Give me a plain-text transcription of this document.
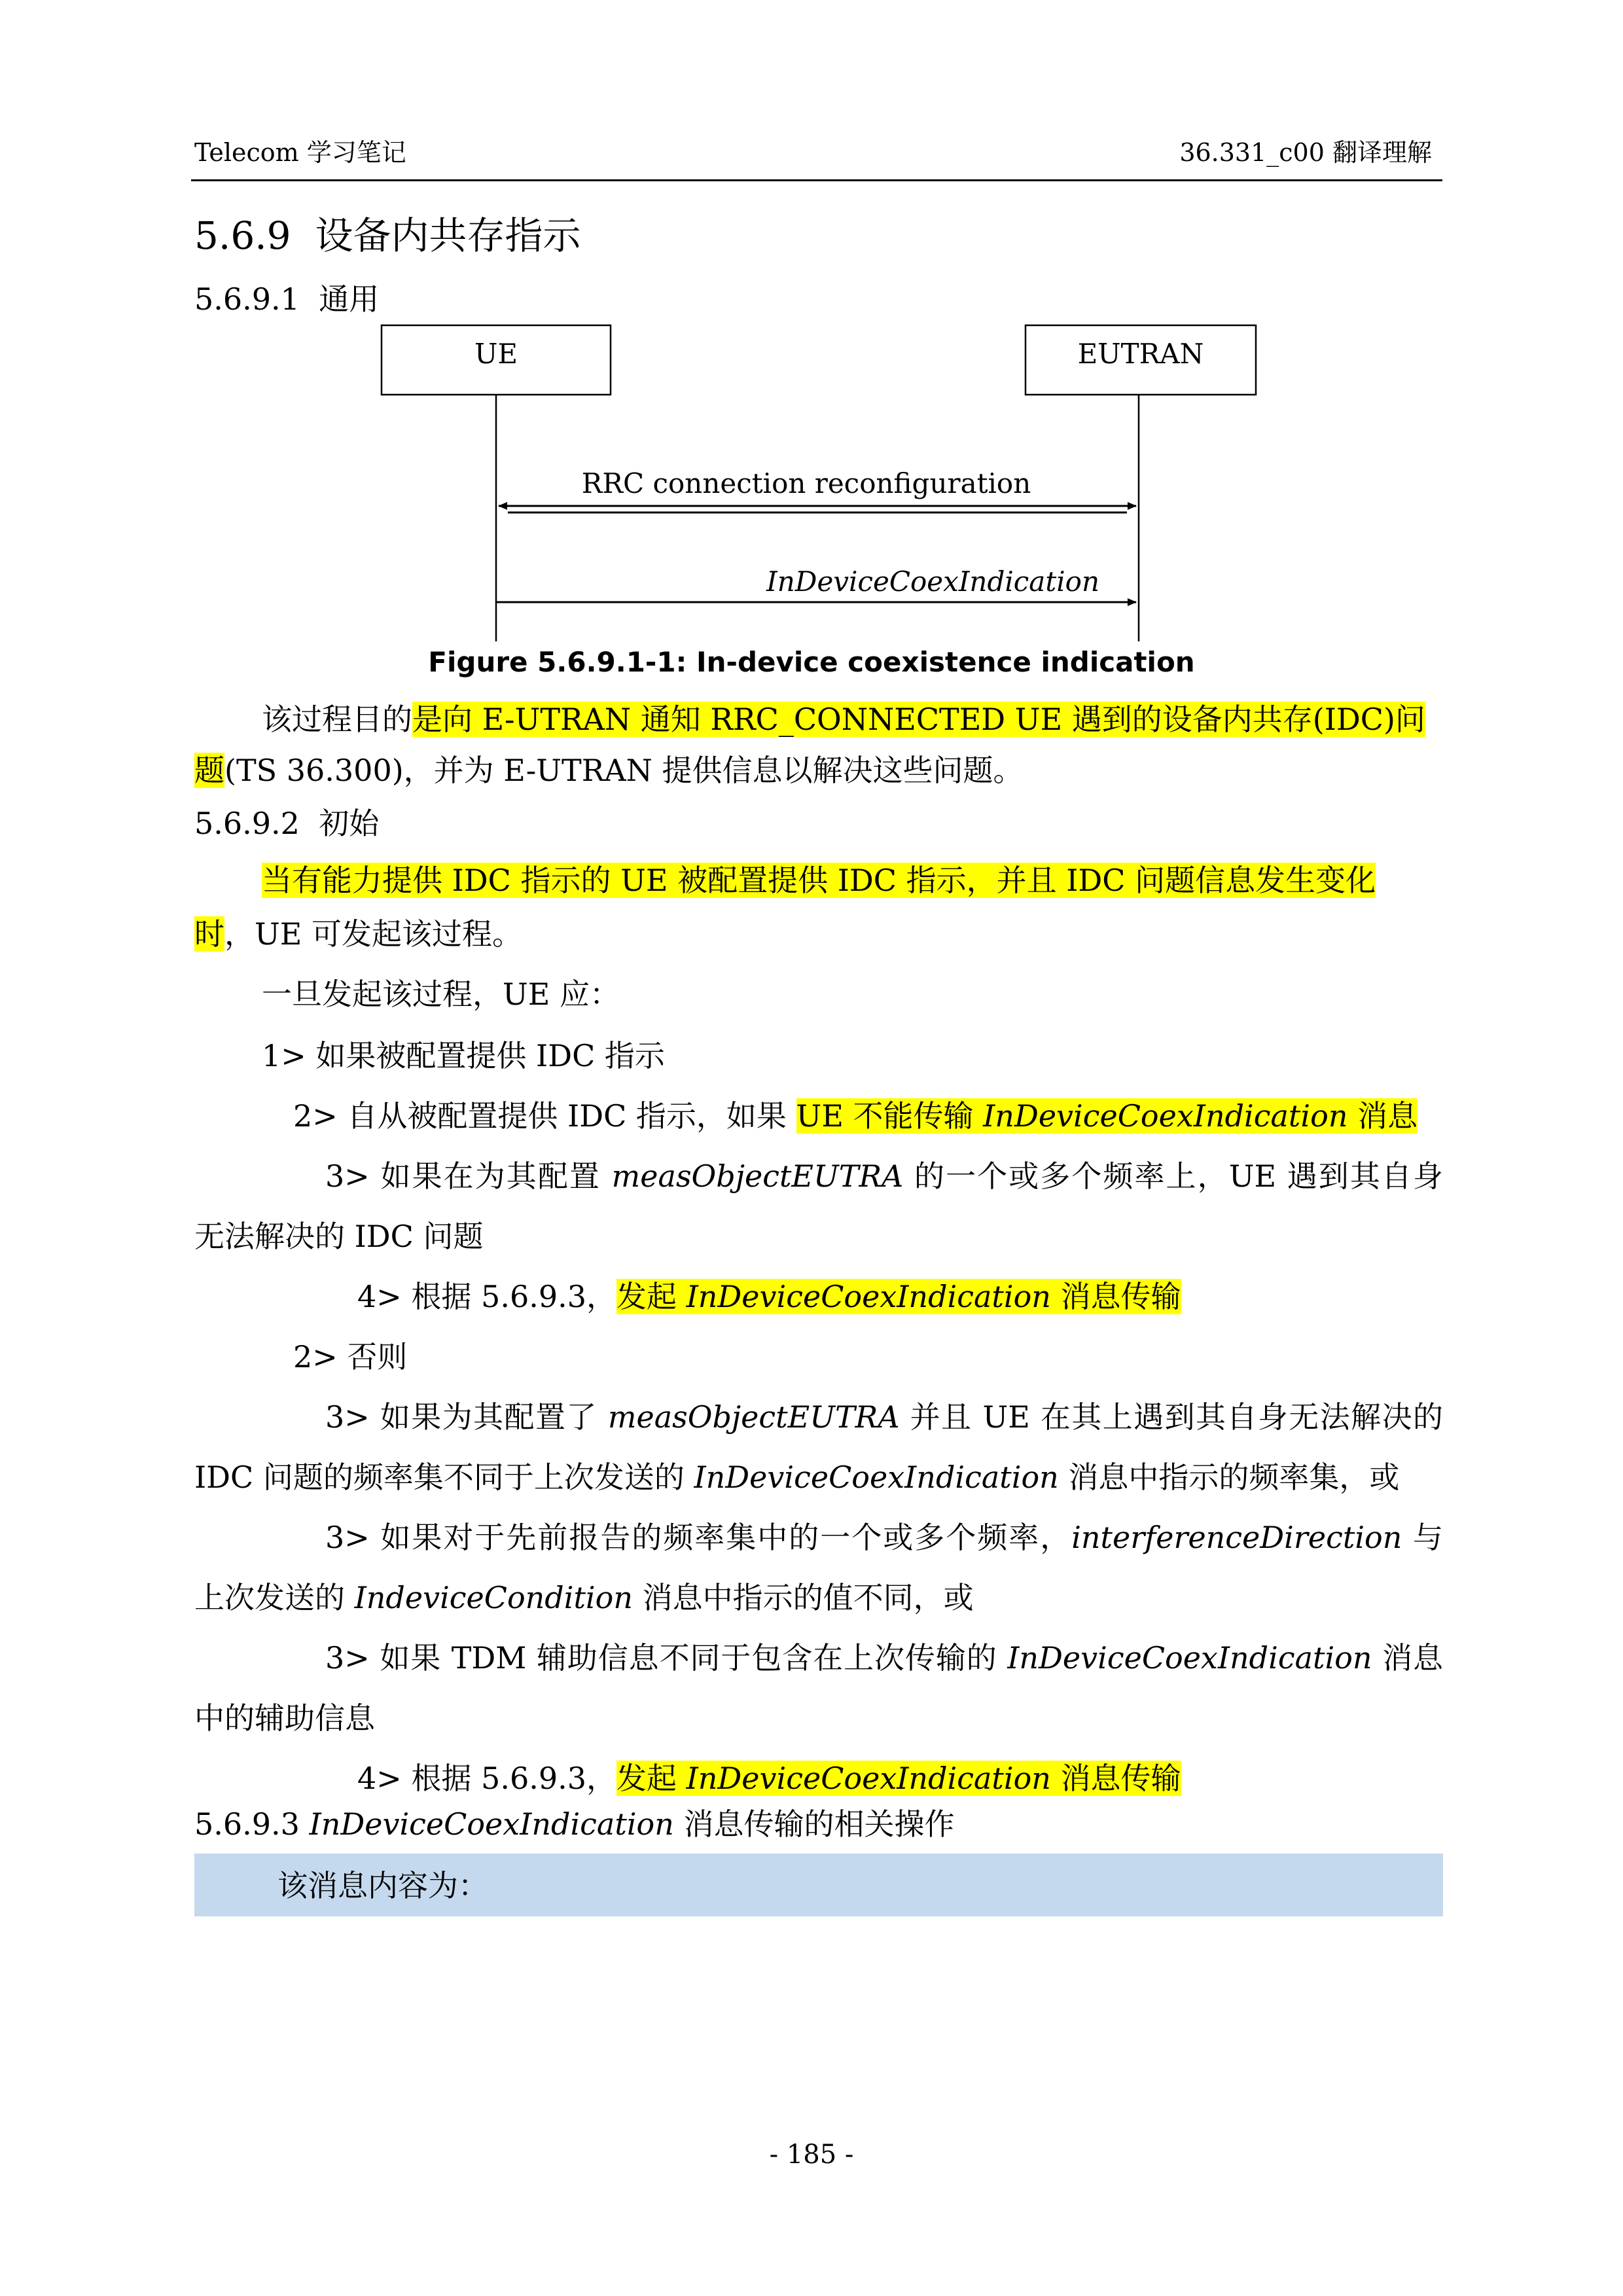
Telecom 学习笔记	36.331_c00 翻译理解
5.6.9 设备内共存指示
5.6.9.1 通用
UE	EUTRAN
RRC connection reconfiguration
InDeviceCoexIndication
Figure 5.6.9.1-1: In-device coexistence indication
该过程目的是向 E-UTRAN 通知 RRC_CONNECTED UE 遇到的设备内共存(IDC)问
题(TS 36.300)，并为 E-UTRAN 提供信息以解决这些问题。
5.6.9.2 初始
当有能力提供 IDC 指示的 UE 被配置提供 IDC 指示，并且 IDC 问题信息发生变化
时，UE 可发起该过程。
一旦发起该过程，UE 应：
1> 如果被配置提供 IDC 指示
2> 自从被配置提供 IDC 指示，如果 UE 不能传输 InDeviceCoexIndication 消息
3> 如果在为其配置 measObjectEUTRA 的一个或多个频率上，UE 遇到其自身
无法解决的 IDC 问题
4> 根据 5.6.9.3，发起 InDeviceCoexIndication 消息传输
2> 否则
3> 如果为其配置了 measObjectEUTRA 并且 UE 在其上遇到其自身无法解决的
IDC 问题的频率集不同于上次发送的 InDeviceCoexIndication 消息中指示的频率集，或
3> 如果对于先前报告的频率集中的一个或多个频率，interferenceDirection 与
上次发送的 IndeviceCondition 消息中指示的值不同，或
3> 如果 TDM 辅助信息不同于包含在上次传输的 InDeviceCoexIndication 消息
中的辅助信息
4> 根据 5.6.9.3，发起 InDeviceCoexIndication 消息传输
5.6.9.3 InDeviceCoexIndication 消息传输的相关操作
该消息内容为：
- 185 -
